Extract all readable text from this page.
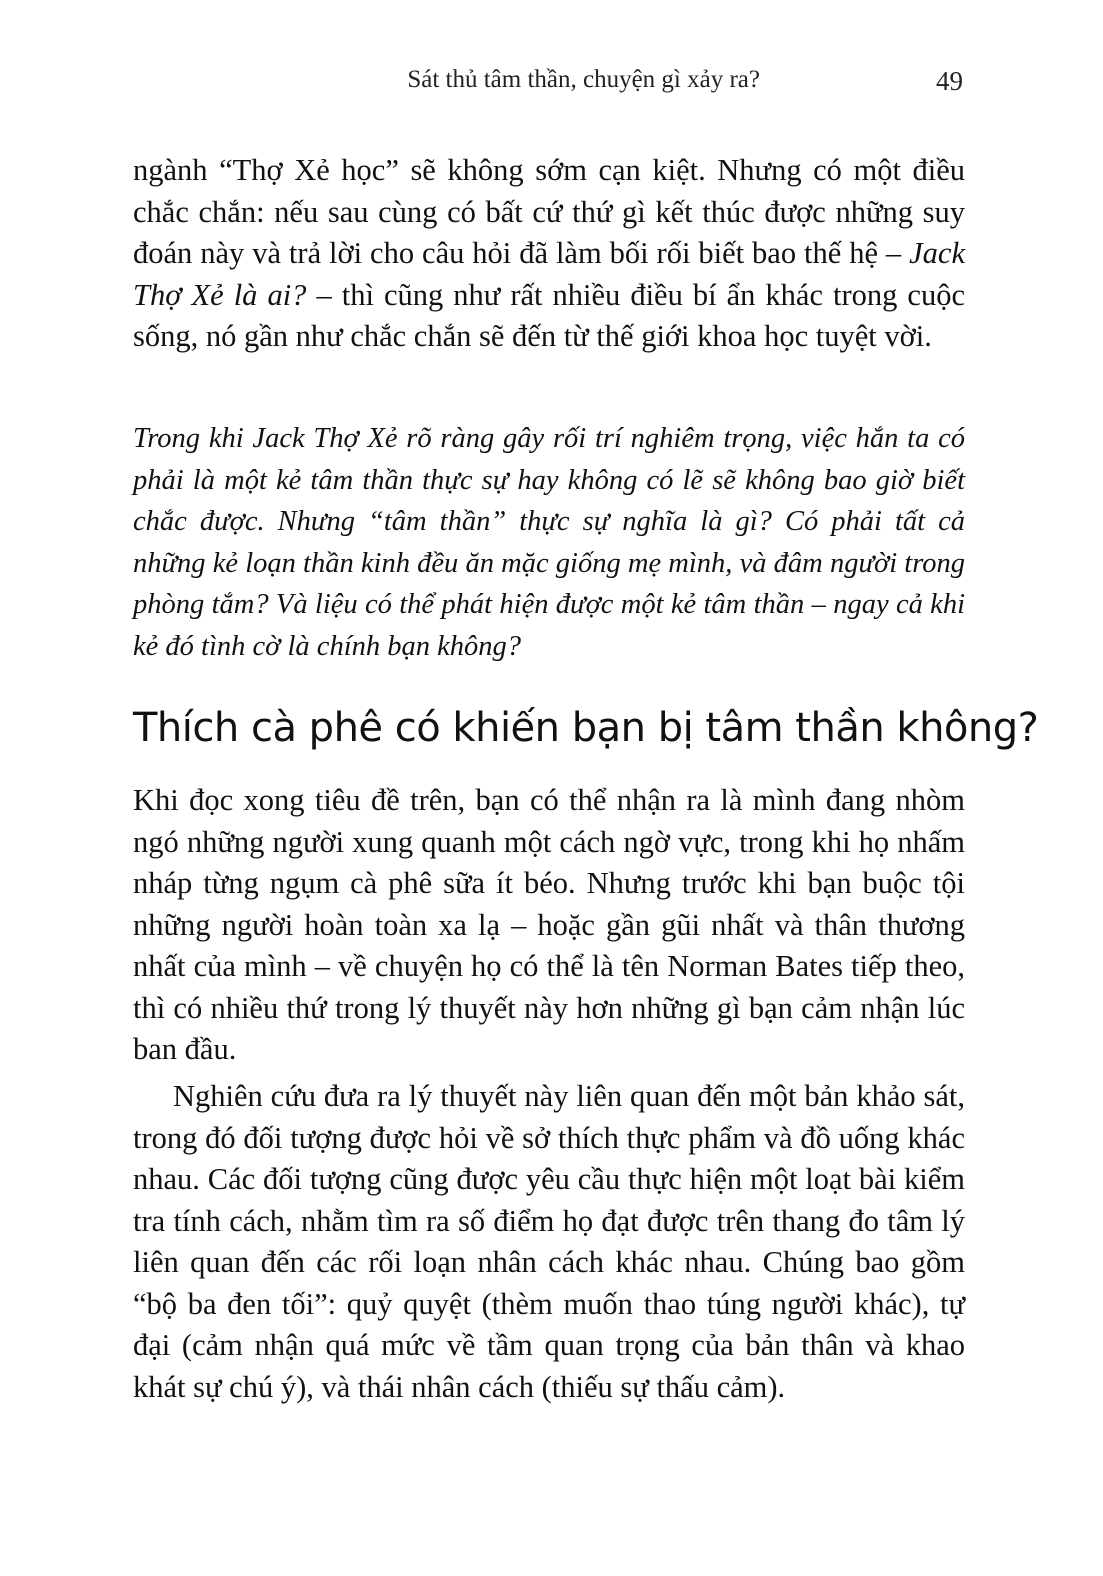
Sát thủ tâm thần, chuyện gì xảy ra?	49

ngành “Thợ Xẻ học” sẽ không sớm cạn kiệt. Nhưng có một điều chắc chắn: nếu sau cùng có bất cứ thứ gì kết thúc được những suy đoán này và trả lời cho câu hỏi đã làm bối rối biết bao thế hệ – Jack Thợ Xẻ là ai? – thì cũng như rất nhiều điều bí ẩn khác trong cuộc sống, nó gần như chắc chắn sẽ đến từ thế giới khoa học tuyệt vời.

Trong khi Jack Thợ Xẻ rõ ràng gây rối trí nghiêm trọng, việc hắn ta có phải là một kẻ tâm thần thực sự hay không có lẽ sẽ không bao giờ biết chắc được. Nhưng “tâm thần” thực sự nghĩa là gì? Có phải tất cả những kẻ loạn thần kinh đều ăn mặc giống mẹ mình, và đâm người trong phòng tắm? Và liệu có thể phát hiện được một kẻ tâm thần – ngay cả khi kẻ đó tình cờ là chính bạn không?

Thích cà phê có khiến bạn bị tâm thần không?

Khi đọc xong tiêu đề trên, bạn có thể nhận ra là mình đang nhòm ngó những người xung quanh một cách ngờ vực, trong khi họ nhấm nháp từng ngụm cà phê sữa ít béo. Nhưng trước khi bạn buộc tội những người hoàn toàn xa lạ – hoặc gần gũi nhất và thân thương nhất của mình – về chuyện họ có thể là tên Norman Bates tiếp theo, thì có nhiều thứ trong lý thuyết này hơn những gì bạn cảm nhận lúc ban đầu.

Nghiên cứu đưa ra lý thuyết này liên quan đến một bản khảo sát, trong đó đối tượng được hỏi về sở thích thực phẩm và đồ uống khác nhau. Các đối tượng cũng được yêu cầu thực hiện một loạt bài kiểm tra tính cách, nhằm tìm ra số điểm họ đạt được trên thang đo tâm lý liên quan đến các rối loạn nhân cách khác nhau. Chúng bao gồm “bộ ba đen tối”: quỷ quyệt (thèm muốn thao túng người khác), tự đại (cảm nhận quá mức về tầm quan trọng của bản thân và khao khát sự chú ý), và thái nhân cách (thiếu sự thấu cảm).
